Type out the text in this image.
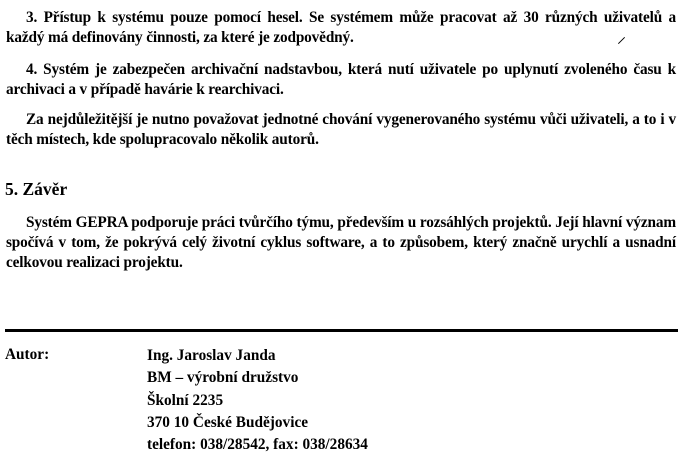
3. Přístup k systému pouze pomocí hesel. Se systémem může pracovat až 30 různých uživatelů a každý má definovány činnosti, za které je zodpovědný.
4. Systém je zabezpečen archivační nadstavbou, která nutí uživatele po uplynutí zvoleného času k archivaci a v případě havárie k rearchivaci.
Za nejdůležitější je nutno považovat jednotné chování vygenerovaného systému vůči uživateli, a to i v těch místech, kde spolupracovalo několik autorů.
5. Závěr
Systém GEPRA podporuje práci tvůrčího týmu, především u rozsáhlých projektů. Její hlavní význam spočívá v tom, že pokrývá celý životní cyklus software, a to způsobem, který značně urychlí a usnadní celkovou realizaci projektu.
Autor:	Ing. Jaroslav Janda
BM – výrobní družstvo
Školní 2235
370 10 České Budějovice
telefon: 038/28542, fax: 038/28634
